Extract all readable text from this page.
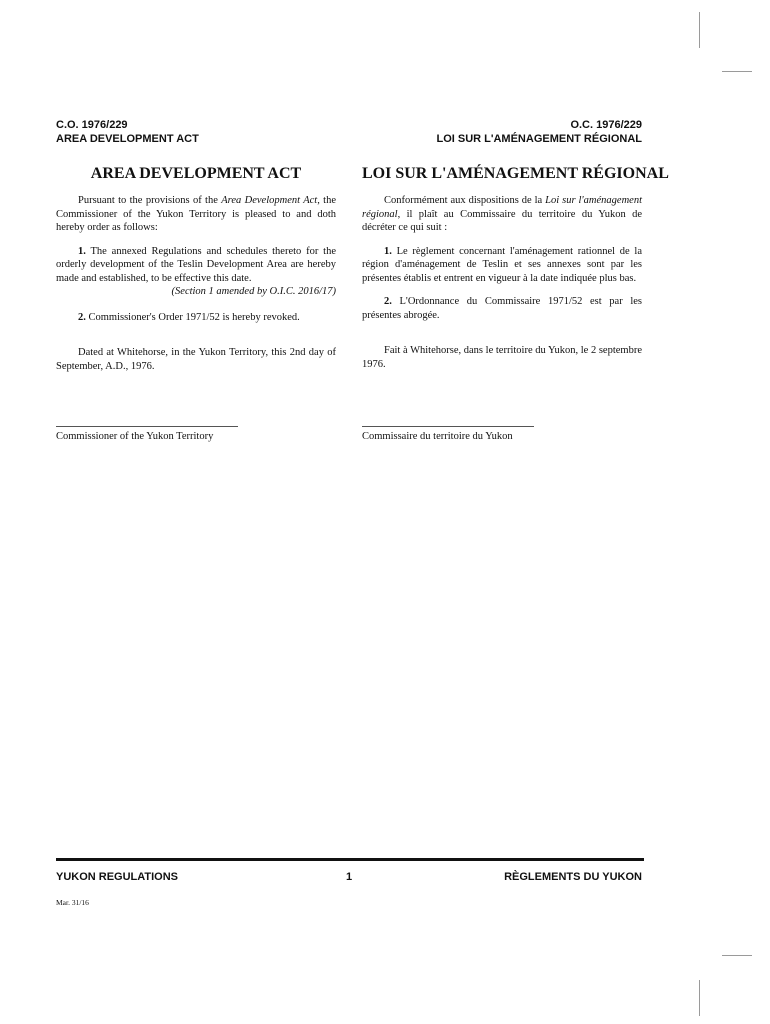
C.O. 1976/229
AREA DEVELOPMENT ACT
O.C. 1976/229
LOI SUR L'AMÉNAGEMENT RÉGIONAL
AREA DEVELOPMENT ACT

Pursuant to the provisions of the Area Development Act, the Commissioner of the Yukon Territory is pleased to and doth hereby order as follows:

1. The annexed Regulations and schedules thereto for the orderly development of the Teslin Development Area are hereby made and established, to be effective this date.
(Section 1 amended by O.I.C. 2016/17)

2. Commissioner's Order 1971/52 is hereby revoked.

Dated at Whitehorse, in the Yukon Territory, this 2nd day of September, A.D., 1976.

LOI SUR L'AMÉNAGEMENT RÉGIONAL

Conformément aux dispositions de la Loi sur l'aménagement régional, il plaît au Commissaire du territoire du Yukon de décréter ce qui suit :

1. Le règlement concernant l'aménagement rationnel de la région d'aménagement de Teslin et ses annexes sont par les présentes établis et entrent en vigueur à la date indiquée plus bas.

2. L'Ordonnance du Commissaire 1971/52 est par les présentes abrogée.

Fait à Whitehorse, dans le territoire du Yukon, le 2 septembre 1976.

Commissioner of the Yukon Territory	Commissaire du territoire du Yukon
YUKON REGULATIONS	1	RÈGLEMENTS DU YUKON
Mar. 31/16
